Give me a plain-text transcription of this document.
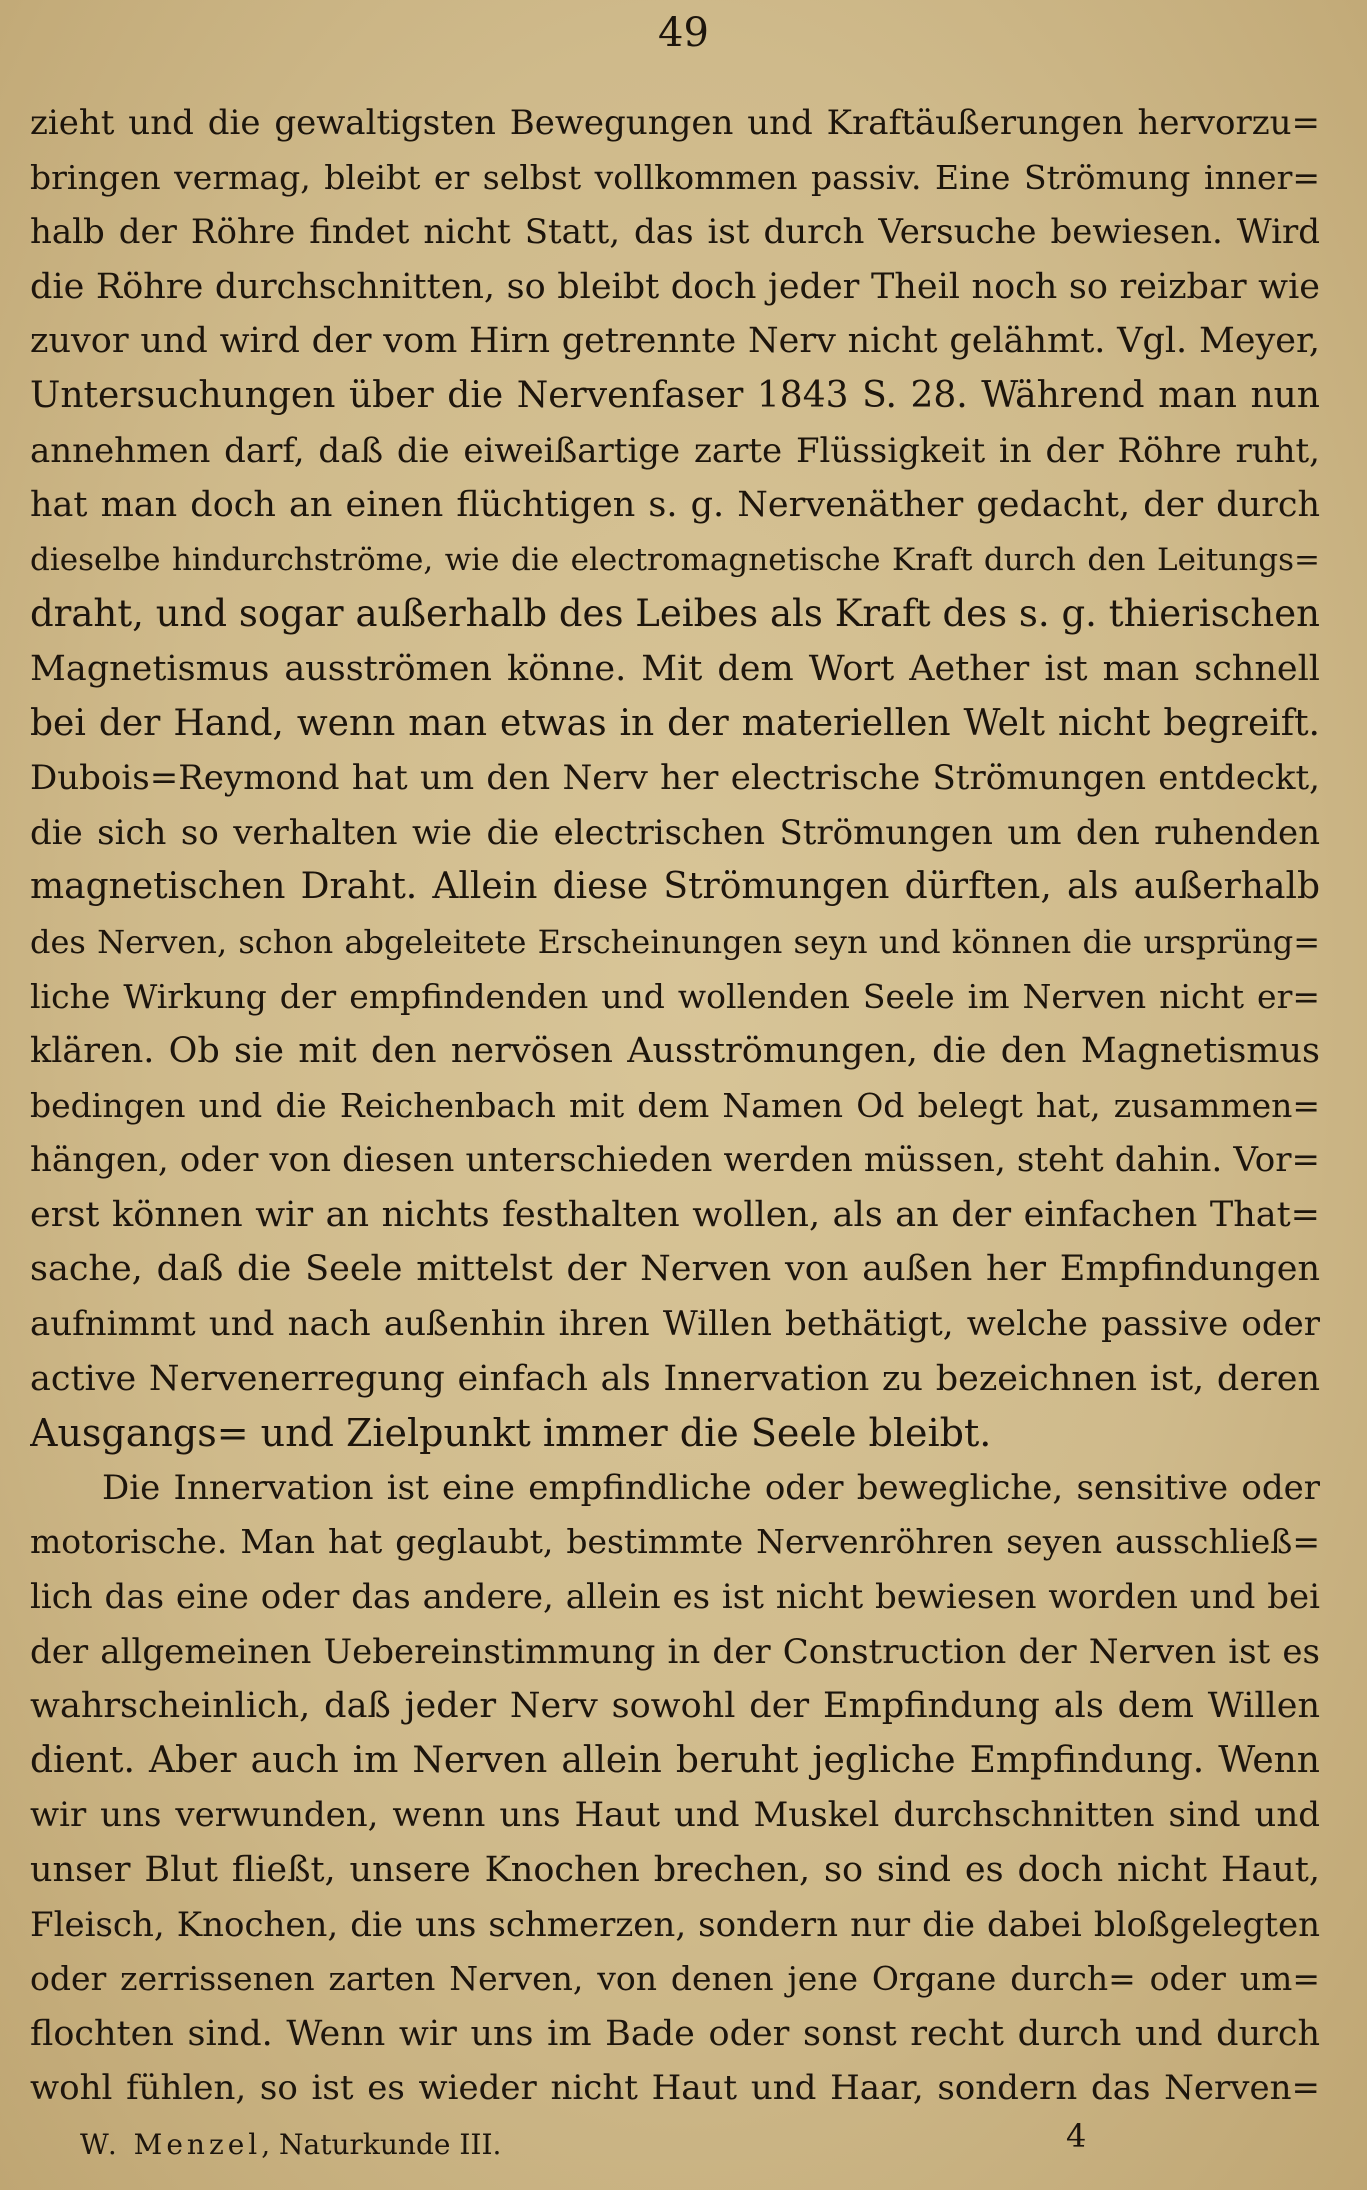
49
zieht und die gewaltigsten Bewegungen und Kraftäußerungen hervorzu=
bringen vermag, bleibt er selbst vollkommen passiv. Eine Strömung inner=
halb der Röhre findet nicht Statt, das ist durch Versuche bewiesen. Wird
die Röhre durchschnitten, so bleibt doch jeder Theil noch so reizbar wie
zuvor und wird der vom Hirn getrennte Nerv nicht gelähmt. Vgl. Meyer,
Untersuchungen über die Nervenfaser 1843 S. 28. Während man nun
annehmen darf, daß die eiweißartige zarte Flüssigkeit in der Röhre ruht,
hat man doch an einen flüchtigen s. g. Nervenäther gedacht, der durch
dieselbe hindurchströme, wie die electromagnetische Kraft durch den Leitungs=
draht, und sogar außerhalb des Leibes als Kraft des s. g. thierischen
Magnetismus ausströmen könne. Mit dem Wort Aether ist man schnell
bei der Hand, wenn man etwas in der materiellen Welt nicht begreift.
Dubois=Reymond hat um den Nerv her electrische Strömungen entdeckt,
die sich so verhalten wie die electrischen Strömungen um den ruhenden
magnetischen Draht. Allein diese Strömungen dürften, als außerhalb
des Nerven, schon abgeleitete Erscheinungen seyn und können die ursprüng=
liche Wirkung der empfindenden und wollenden Seele im Nerven nicht er=
klären. Ob sie mit den nervösen Ausströmungen, die den Magnetismus
bedingen und die Reichenbach mit dem Namen Od belegt hat, zusammen=
hängen, oder von diesen unterschieden werden müssen, steht dahin. Vor=
erst können wir an nichts festhalten wollen, als an der einfachen That=
sache, daß die Seele mittelst der Nerven von außen her Empfindungen
aufnimmt und nach außenhin ihren Willen bethätigt, welche passive oder
active Nervenerregung einfach als Innervation zu bezeichnen ist, deren
Ausgangs= und Zielpunkt immer die Seele bleibt.
Die Innervation ist eine empfindliche oder bewegliche, sensitive oder
motorische. Man hat geglaubt, bestimmte Nervenröhren seyen ausschließ=
lich das eine oder das andere, allein es ist nicht bewiesen worden und bei
der allgemeinen Uebereinstimmung in der Construction der Nerven ist es
wahrscheinlich, daß jeder Nerv sowohl der Empfindung als dem Willen
dient. Aber auch im Nerven allein beruht jegliche Empfindung. Wenn
wir uns verwunden, wenn uns Haut und Muskel durchschnitten sind und
unser Blut fließt, unsere Knochen brechen, so sind es doch nicht Haut,
Fleisch, Knochen, die uns schmerzen, sondern nur die dabei bloßgelegten
oder zerrissenen zarten Nerven, von denen jene Organe durch= oder um=
flochten sind. Wenn wir uns im Bade oder sonst recht durch und durch
wohl fühlen, so ist es wieder nicht Haut und Haar, sondern das Nerven=
W. Menzel, Naturkunde III.	4
